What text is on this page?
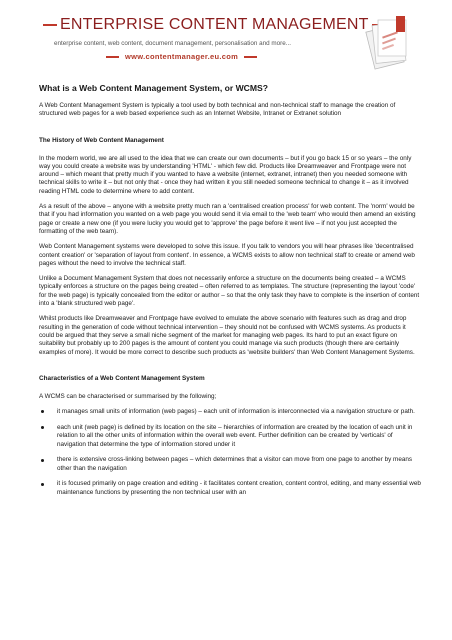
ENTERPRISE CONTENT MANAGEMENT
enterprise content, web content, document management, personalisation and more...
www.contentmanager.eu.com
What is a Web Content Management System, or WCMS?

A Web Content Management System is typically a tool used by both technical and non-technical staff to manage the creation of structured web pages for a web based experience such as an Internet Website, Intranet or Extranet solution

The History of Web Content Management

In the modern world, we are all used to the idea that we can create our own documents – but if you go back 15 or so years – the only way you could create a website was by understanding 'HTML' - which few did. Products like Dreamweaver and Frontpage were not around – which meant that pretty much if you wanted to have a website (internet, extranet, intranet) then you needed someone with technical skills to write it – but not only that - once they had written it you still needed someone technical to change it – as it involved reading HTML code to determine where to add content.

As a result of the above – anyone with a website pretty much ran a 'centralised creation process' for web content. The 'norm' would be that if you had information you wanted on a web page you would send it via email to the 'web team' who would then amend an existing page or create a new one (if you were lucky you would get to 'approve' the page before it went live – if not you just accepted the formatting of the web team).

Web Content Management systems were developed to solve this issue. If you talk to vendors you will hear phrases like 'decentralised content creation' or 'separation of layout from content'. In essence, a WCMS exists to allow non technical staff to create or amend web pages without the need to involve the technical staff.

Unlike a Document Management System that does not necessarily enforce a structure on the documents being created – a WCMS typically enforces a structure on the pages being created – often referred to as templates. The structure (representing the layout 'code' for the web page) is typically concealed from the editor or author – so that the only task they have to complete is the insertion of content into a 'blank structured web page'.

Whilst products like Dreamweaver and Frontpage have evolved to emulate the above scenario with features such as drag and drop resulting in the generation of code without technical intervention – they should not be confused with WCMS systems. As products it could be argued that they serve a small niche segment of the market for managing web pages. Its hard to put an exact figure on suitability but probably up to 200 pages is the amount of content you could manage via such products (though there are certainly examples of more). It would be more correct to describe such products as 'website builders' than Web Content Management Systems.

Characteristics of a Web Content Management System

A WCMS can be characterised or summarised by the following;

it manages small units of information (web pages) – each unit of information is interconnected via a navigation structure or path.
each unit (web page) is defined by its location on the site – hierarchies of information are created by the location of each unit in relation to all the other units of information within the overall web event. Further definition can be created by 'verticals' of navigation that determine the type of information stored under it
there is extensive cross-linking between pages – which determines that a visitor can move from one page to another by means other than the navigation
it is focused primarily on page creation and editing - it facilitates content creation, content control, editing, and many essential web maintenance functions by presenting the non technical user with an
